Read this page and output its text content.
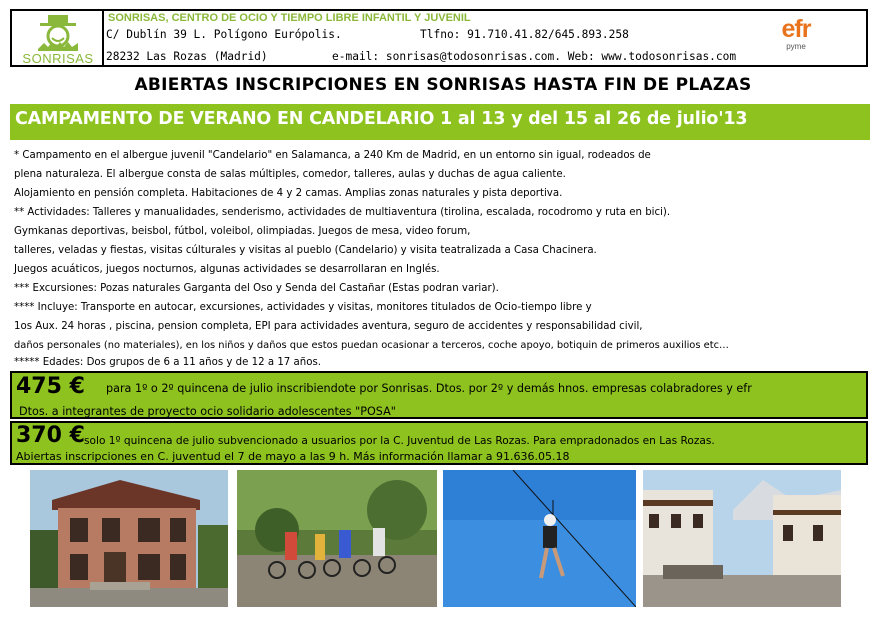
SONRISAS
SONRISAS, CENTRO DE OCIO Y TIEMPO LIBRE INFANTIL Y JUVENIL
C/ Dublín 39 L. Polígono Európolis.	Tlfno: 91.710.41.82/645.893.258
28232 Las Rozas (Madrid)	e-mail: sonrisas@todosonrisas.com. Web: www.todosonrisas.com
efr
pyme
ABIERTAS INSCRIPCIONES EN SONRISAS HASTA FIN DE PLAZAS
CAMPAMENTO DE VERANO EN CANDELARIO 1 al 13 y del 15 al 26 de julio'13
* Campamento en el albergue juvenil "Candelario" en Salamanca, a 240 Km de Madrid, en un entorno sin igual, rodeados de
plena naturaleza. El albergue consta de salas múltiples, comedor, talleres, aulas y duchas de agua caliente.
Alojamiento en pensión completa. Habitaciones de 4 y 2 camas. Amplias zonas naturales y pista deportiva.
** Actividades: Talleres y manualidades, senderismo, actividades de multiaventura (tirolina, escalada, rocodromo y ruta en bici).
Gymkanas deportivas, beisbol, fútbol, voleibol, olimpiadas. Juegos de mesa, video forum,
talleres, veladas y fiestas, visitas cúlturales y visitas al pueblo (Candelario) y visita teatralizada a Casa Chacinera.
Juegos acuáticos, juegos nocturnos, algunas actividades se desarrollaran en Inglés.
*** Excursiones: Pozas naturales Garganta del Oso y Senda del Castañar (Estas podran variar).
**** Incluye: Transporte en autocar, excursiones, actividades y visitas, monitores titulados de Ocio-tiempo libre y
1os Aux. 24 horas , piscina, pension completa, EPI para actividades aventura, seguro de accidentes y responsabilidad civil,
daños personales (no materiales), en los niños y daños que estos puedan ocasionar a terceros, coche apoyo, botiquin de primeros auxilios etc…
***** Edades: Dos grupos de 6 a 11 años y de 12 a 17 años.
475 € para 1º o 2º quincena de julio inscribiendote por Sonrisas. Dtos. por 2º y demás hnos. empresas colabradores y efr
Dtos. a integrantes de proyecto ocio solidario adolescentes "POSA"
370 € solo 1º quincena de julio subvencionado a usuarios por la C. Juventud de Las Rozas. Para empradonados en Las Rozas.
Abiertas inscripciones en C. juventud el 7 de mayo a las 9 h. Más información llamar a 91.636.05.18
